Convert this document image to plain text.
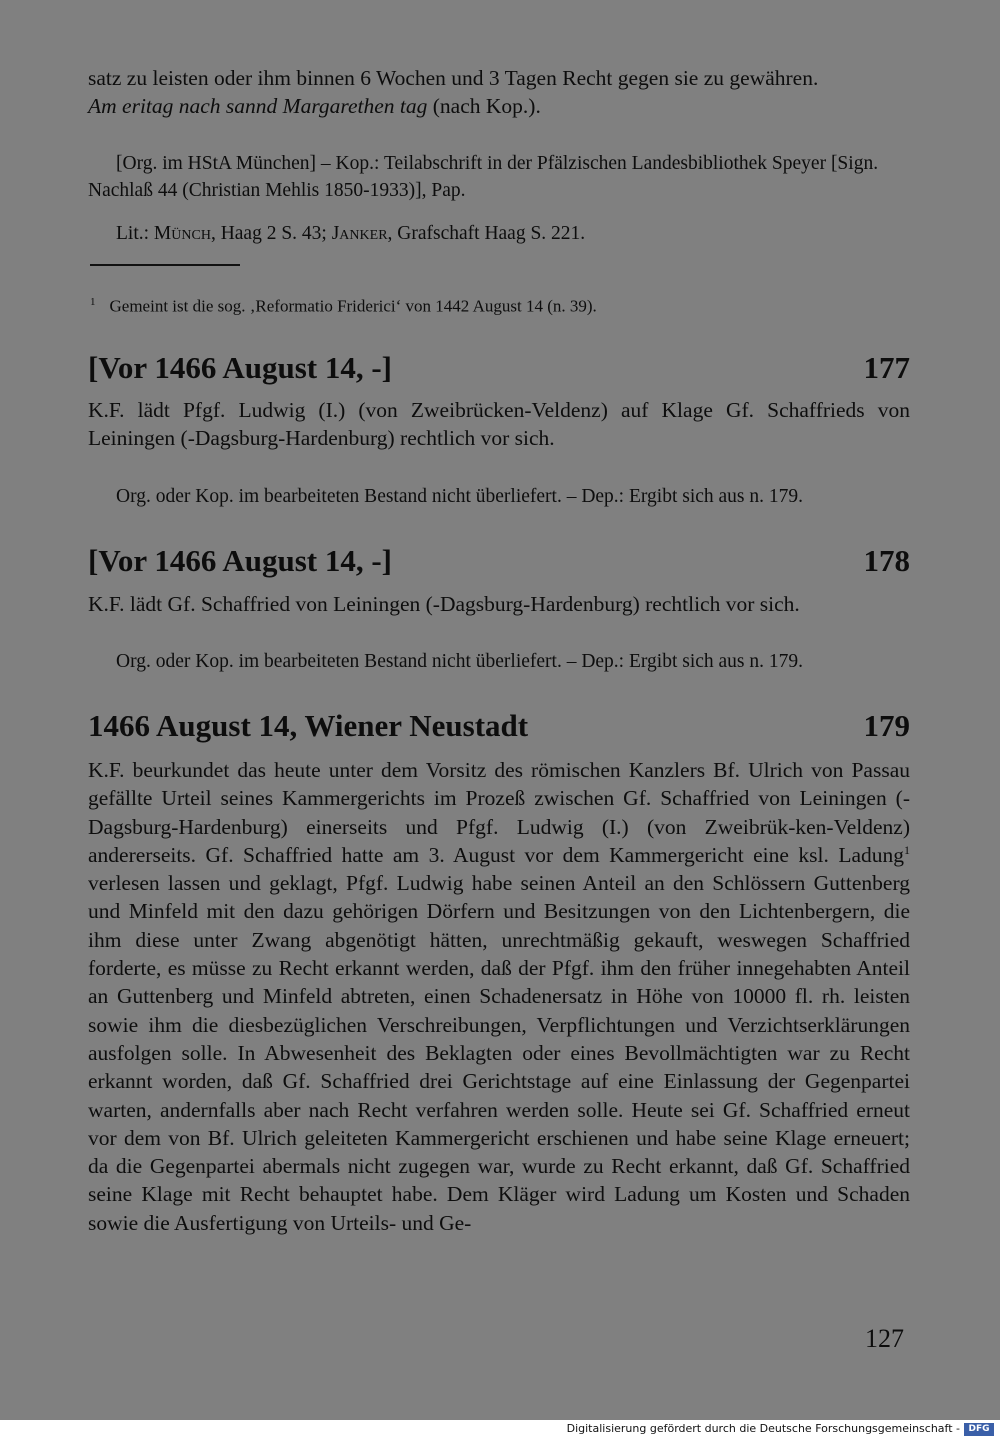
satz zu leisten oder ihm binnen 6 Wochen und 3 Tagen Recht gegen sie zu gewähren.
Am eritag nach sannd Margarethen tag (nach Kop.).
[Org. im HStA München] – Kop.: Teilabschrift in der Pfälzischen Landesbibliothek Speyer [Sign. Nachlaß 44 (Christian Mehlis 1850-1933)], Pap.
Lit.: Münch, Haag 2 S. 43; Janker, Grafschaft Haag S. 221.
$^1$ Gemeint ist die sog. ‚Reformatio Friderici‘ von 1442 August 14 (n. 39).
[Vor 1466 August 14, -]	177
K.F. lädt Pfgf. Ludwig (I.) (von Zweibrücken-Veldenz) auf Klage Gf. Schaffrieds von Leiningen (-Dagsburg-Hardenburg) rechtlich vor sich.
Org. oder Kop. im bearbeiteten Bestand nicht überliefert. – Dep.: Ergibt sich aus n. 179.
[Vor 1466 August 14, -]	178
K.F. lädt Gf. Schaffried von Leiningen (-Dagsburg-Hardenburg) rechtlich vor sich.
Org. oder Kop. im bearbeiteten Bestand nicht überliefert. – Dep.: Ergibt sich aus n. 179.
1466 August 14, Wiener Neustadt	179
K.F. beurkundet das heute unter dem Vorsitz des römischen Kanzlers Bf. Ulrich von Passau gefällte Urteil seines Kammergerichts im Prozeß zwischen Gf. Schaffried von Leiningen (-Dagsburg-Hardenburg) einerseits und Pfgf. Ludwig (I.) (von Zweibrük-ken-Veldenz) andererseits. Gf. Schaffried hatte am 3. August vor dem Kammergericht eine ksl. Ladung$^1$ verlesen lassen und geklagt, Pfgf. Ludwig habe seinen Anteil an den Schlössern Guttenberg und Minfeld mit den dazu gehörigen Dörfern und Besitzungen von den Lichtenbergern, die ihm diese unter Zwang abgenötigt hätten, unrechtmäßig gekauft, weswegen Schaffried forderte, es müsse zu Recht erkannt werden, daß der Pfgf. ihm den früher innegehabten Anteil an Guttenberg und Minfeld abtreten, einen Schadenersatz in Höhe von 10000 fl. rh. leisten sowie ihm die diesbezüglichen Verschreibungen, Verpflichtungen und Verzichtserklärungen ausfolgen solle. In Abwesenheit des Beklagten oder eines Bevollmächtigten war zu Recht erkannt worden, daß Gf. Schaffried drei Gerichtstage auf eine Einlassung der Gegenpartei warten, andernfalls aber nach Recht verfahren werden solle. Heute sei Gf. Schaffried erneut vor dem von Bf. Ulrich geleiteten Kammergericht erschienen und habe seine Klage erneuert; da die Gegenpartei abermals nicht zugegen war, wurde zu Recht erkannt, daß Gf. Schaffried seine Klage mit Recht behauptet habe. Dem Kläger wird Ladung um Kosten und Schaden sowie die Ausfertigung von Urteils- und Ge-
127
Digitalisierung gefördert durch die Deutsche Forschungsgemeinschaft - DFG
